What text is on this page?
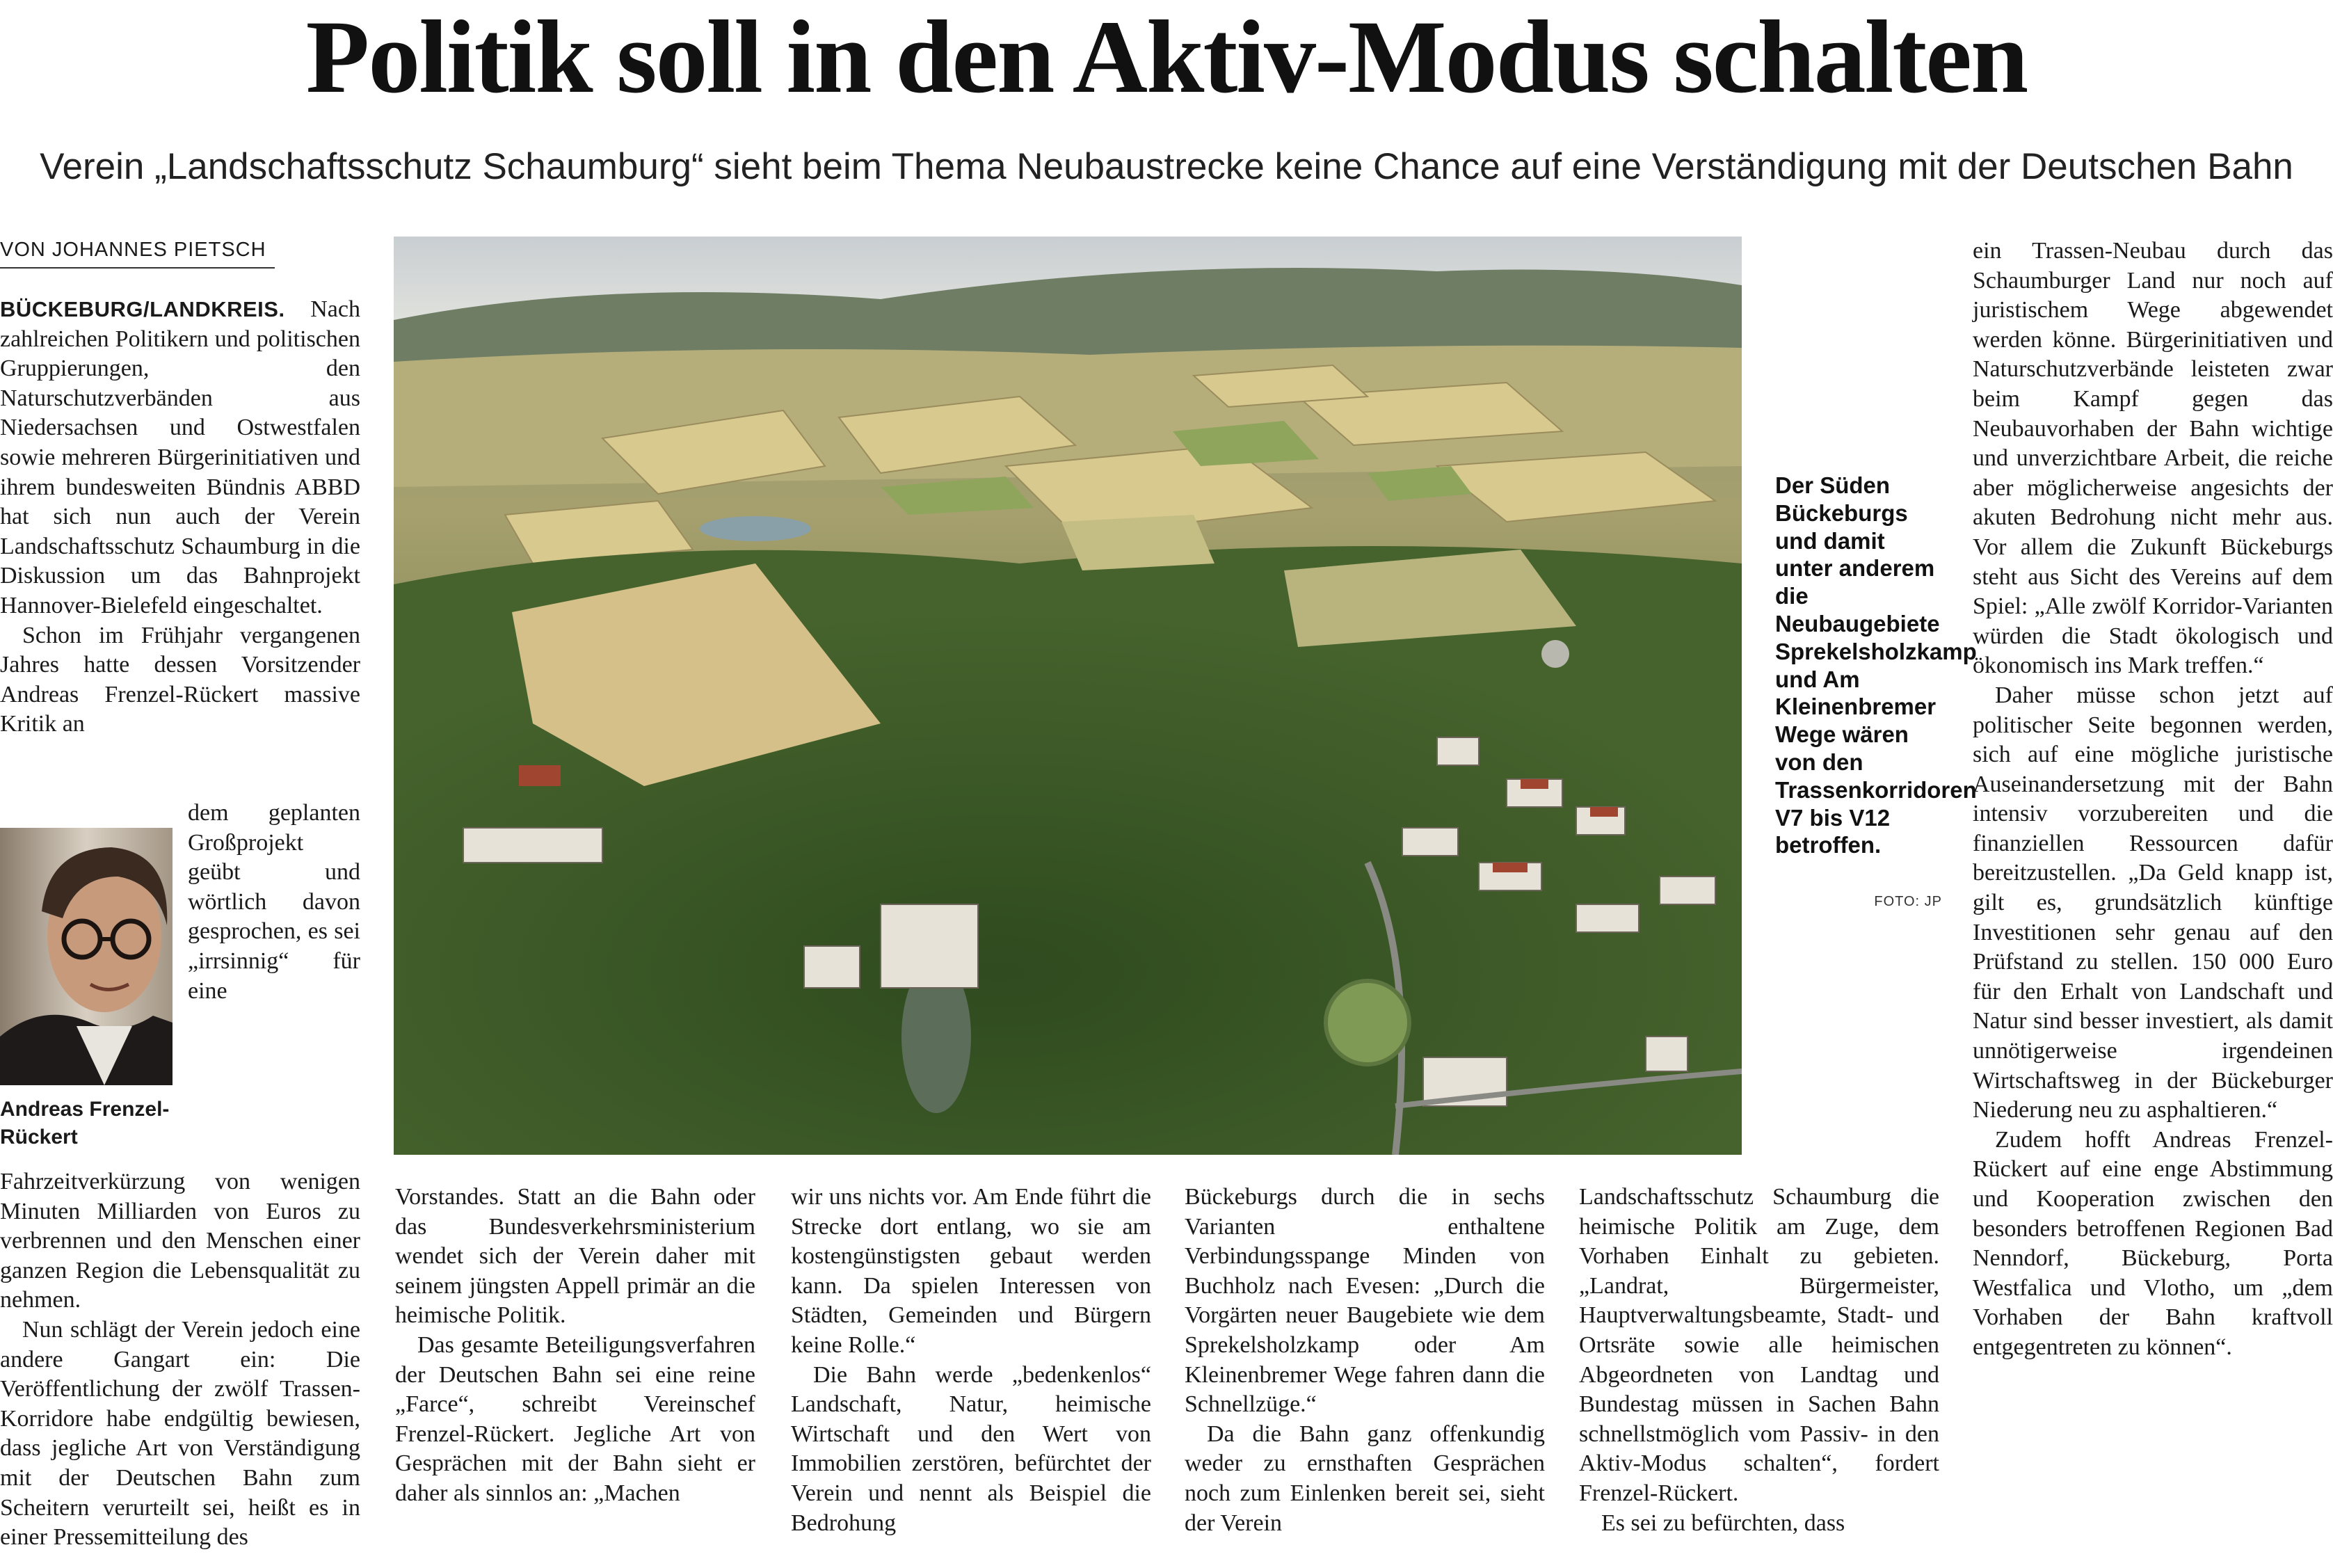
Politik soll in den Aktiv-Modus schalten
Verein „Landschaftsschutz Schaumburg“ sieht beim Thema Neubaustrecke keine Chance auf eine Verständigung mit der Deutschen Bahn
VON JOHANNES PIETSCH

BÜCKEBURG/LANDKREIS. Nach zahlreichen Politikern und politischen Gruppierungen, den Naturschutzverbänden aus Niedersachsen und Ostwestfalen sowie mehreren Bürgerinitiativen und ihrem bundesweiten Bündnis ABBD hat sich nun auch der Verein Landschaftsschutz Schaumburg in die Diskussion um das Bahnprojekt Hannover-Bielefeld eingeschaltet.

Schon im Frühjahr vergangenen Jahres hatte dessen Vorsitzender Andreas Frenzel-Rückert massive Kritik an

dem geplanten Großprojekt geübt und wörtlich davon gesprochen, es sei „irrsinnig“ für eine Fahrzeitverkürzung von wenigen Minuten Milliarden von Euros zu verbrennen und den Menschen einer ganzen Region die Lebensqualität zu nehmen.

Nun schlägt der Verein jedoch eine andere Gangart ein: Die Veröffentlichung der zwölf Trassen-Korridore habe endgültig bewiesen, dass jegliche Art von Verständigung mit der Deutschen Bahn zum Scheitern verurteilt sei, heißt es in einer Pressemitteilung des

Andreas Frenzel-Rückert
Der Süden Bückeburgs und damit unter anderem die Neubaugebiete Sprekelsholzkamp und Am Kleinenbremer Wege wären von den Trassenkorridoren V7 bis V12 betroffen.
FOTO: JP

Vorstandes. Statt an die Bahn oder das Bundesverkehrsministerium wendet sich der Verein daher mit seinem jüngsten Appell primär an die heimische Politik.

Das gesamte Beteiligungsverfahren der Deutschen Bahn sei eine reine „Farce“, schreibt Vereinschef Frenzel-Rückert. Jegliche Art von Gesprächen mit der Bahn sieht er daher als sinnlos an: „Machen

wir uns nichts vor. Am Ende führt die Strecke dort entlang, wo sie am kostengünstigsten gebaut werden kann. Da spielen Interessen von Städten, Gemeinden und Bürgern keine Rolle.“

Die Bahn werde „bedenkenlos“ Landschaft, Natur, heimische Wirtschaft und den Wert von Immobilien zerstören, befürchtet der Verein und nennt als Beispiel die Bedrohung

Bückeburgs durch die in sechs Varianten enthaltene Verbindungsspange Minden von Buchholz nach Evesen: „Durch die Vorgärten neuer Baugebiete wie dem Sprekelsholzkamp oder Am Kleinenbremer Wege fahren dann die Schnellzüge.“

Da die Bahn ganz offenkundig weder zu ernsthaften Gesprächen noch zum Einlenken bereit sei, sieht der Verein

Landschaftsschutz Schaumburg die heimische Politik am Zuge, dem Vorhaben Einhalt zu gebieten. „Landrat, Bürgermeister, Hauptverwaltungsbeamte, Stadt- und Ortsräte sowie alle heimischen Abgeordneten von Landtag und Bundestag müssen in Sachen Bahn schnellstmöglich vom Passiv- in den Aktiv-Modus schalten“, fordert Frenzel-Rückert.

Es sei zu befürchten, dass

ein Trassen-Neubau durch das Schaumburger Land nur noch auf juristischem Wege abgewendet werden könne. Bürgerinitiativen und Naturschutzverbände leisteten zwar beim Kampf gegen das Neubauvorhaben der Bahn wichtige und unverzichtbare Arbeit, die reiche aber möglicherweise angesichts der akuten Bedrohung nicht mehr aus. Vor allem die Zukunft Bückeburgs steht aus Sicht des Vereins auf dem Spiel: „Alle zwölf Korridor-Varianten würden die Stadt ökologisch und ökonomisch ins Mark treffen.“

Daher müsse schon jetzt auf politischer Seite begonnen werden, sich auf eine mögliche juristische Auseinandersetzung mit der Bahn intensiv vorzubereiten und die finanziellen Ressourcen dafür bereitzustellen. „Da Geld knapp ist, gilt es, grundsätzlich künftige Investitionen sehr genau auf den Prüfstand zu stellen. 150 000 Euro für den Erhalt von Landschaft und Natur sind besser investiert, als damit unnötigerweise irgendeinen Wirtschaftsweg in der Bückeburger Niederung neu zu asphaltieren.“

Zudem hofft Andreas Frenzel-Rückert auf eine enge Abstimmung und Kooperation zwischen den besonders betroffenen Regionen Bad Nenndorf, Bückeburg, Porta Westfalica und Vlotho, um „dem Vorhaben der Bahn kraftvoll entgegentreten zu können“.
